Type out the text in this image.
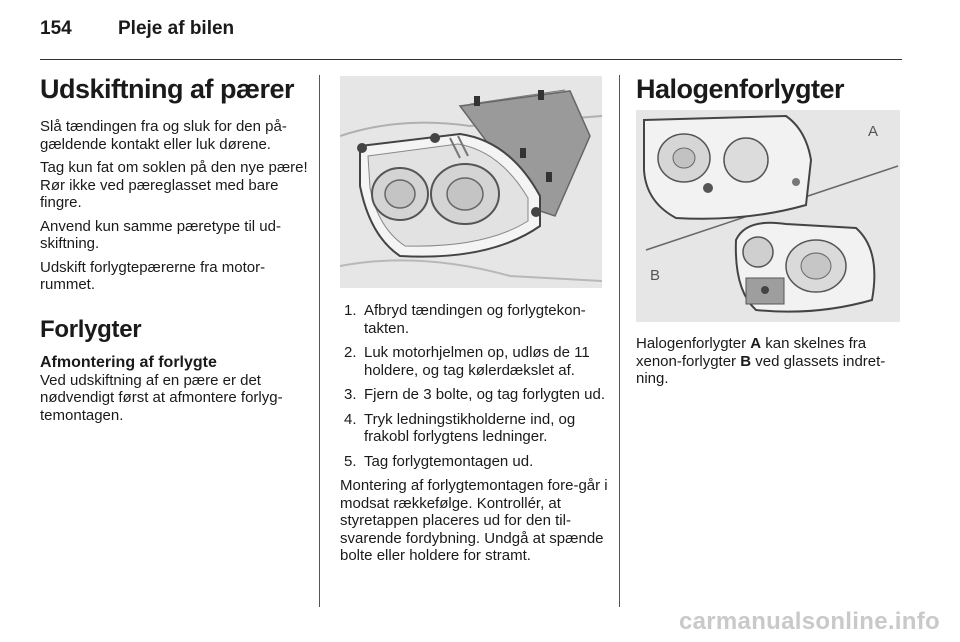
154 Pleje af bilen
Udskiftning af pærer

Slå tændingen fra og sluk for den på-gældende kontakt eller luk dørene.

Tag kun fat om soklen på den nye pære! Rør ikke ved pæreglasset med bare fingre.

Anvend kun samme pæretype til ud-skiftning.

Udskift forlygtepærerne fra motor-rummet.

Forlygter
Afmontering af forlygte

Ved udskiftning af en pære er det nødvendigt først at afmontere forlyg-temontagen.

1. Afbryd tændingen og forlygtekon-takten.
2. Luk motorhjelmen op, udløs de 11 holdere, og tag kølerdækslet af.
3. Fjern de 3 bolte, og tag forlygten ud.
4. Tryk ledningstikholderne ind, og frakobl forlygtens ledninger.
5. Tag forlygtemontagen ud.

Montering af forlygtemontagen fore-går i modsat rækkefølge. Kontrollér, at styretappen placeres ud for den til-svarende fordybning. Undgå at spænde bolte eller holdere for stramt.

Halogenforlygter
A
B

Halogenforlygter A kan skelnes fra xenon-forlygter B ved glassets indret-ning.

carmanualsonline.info
